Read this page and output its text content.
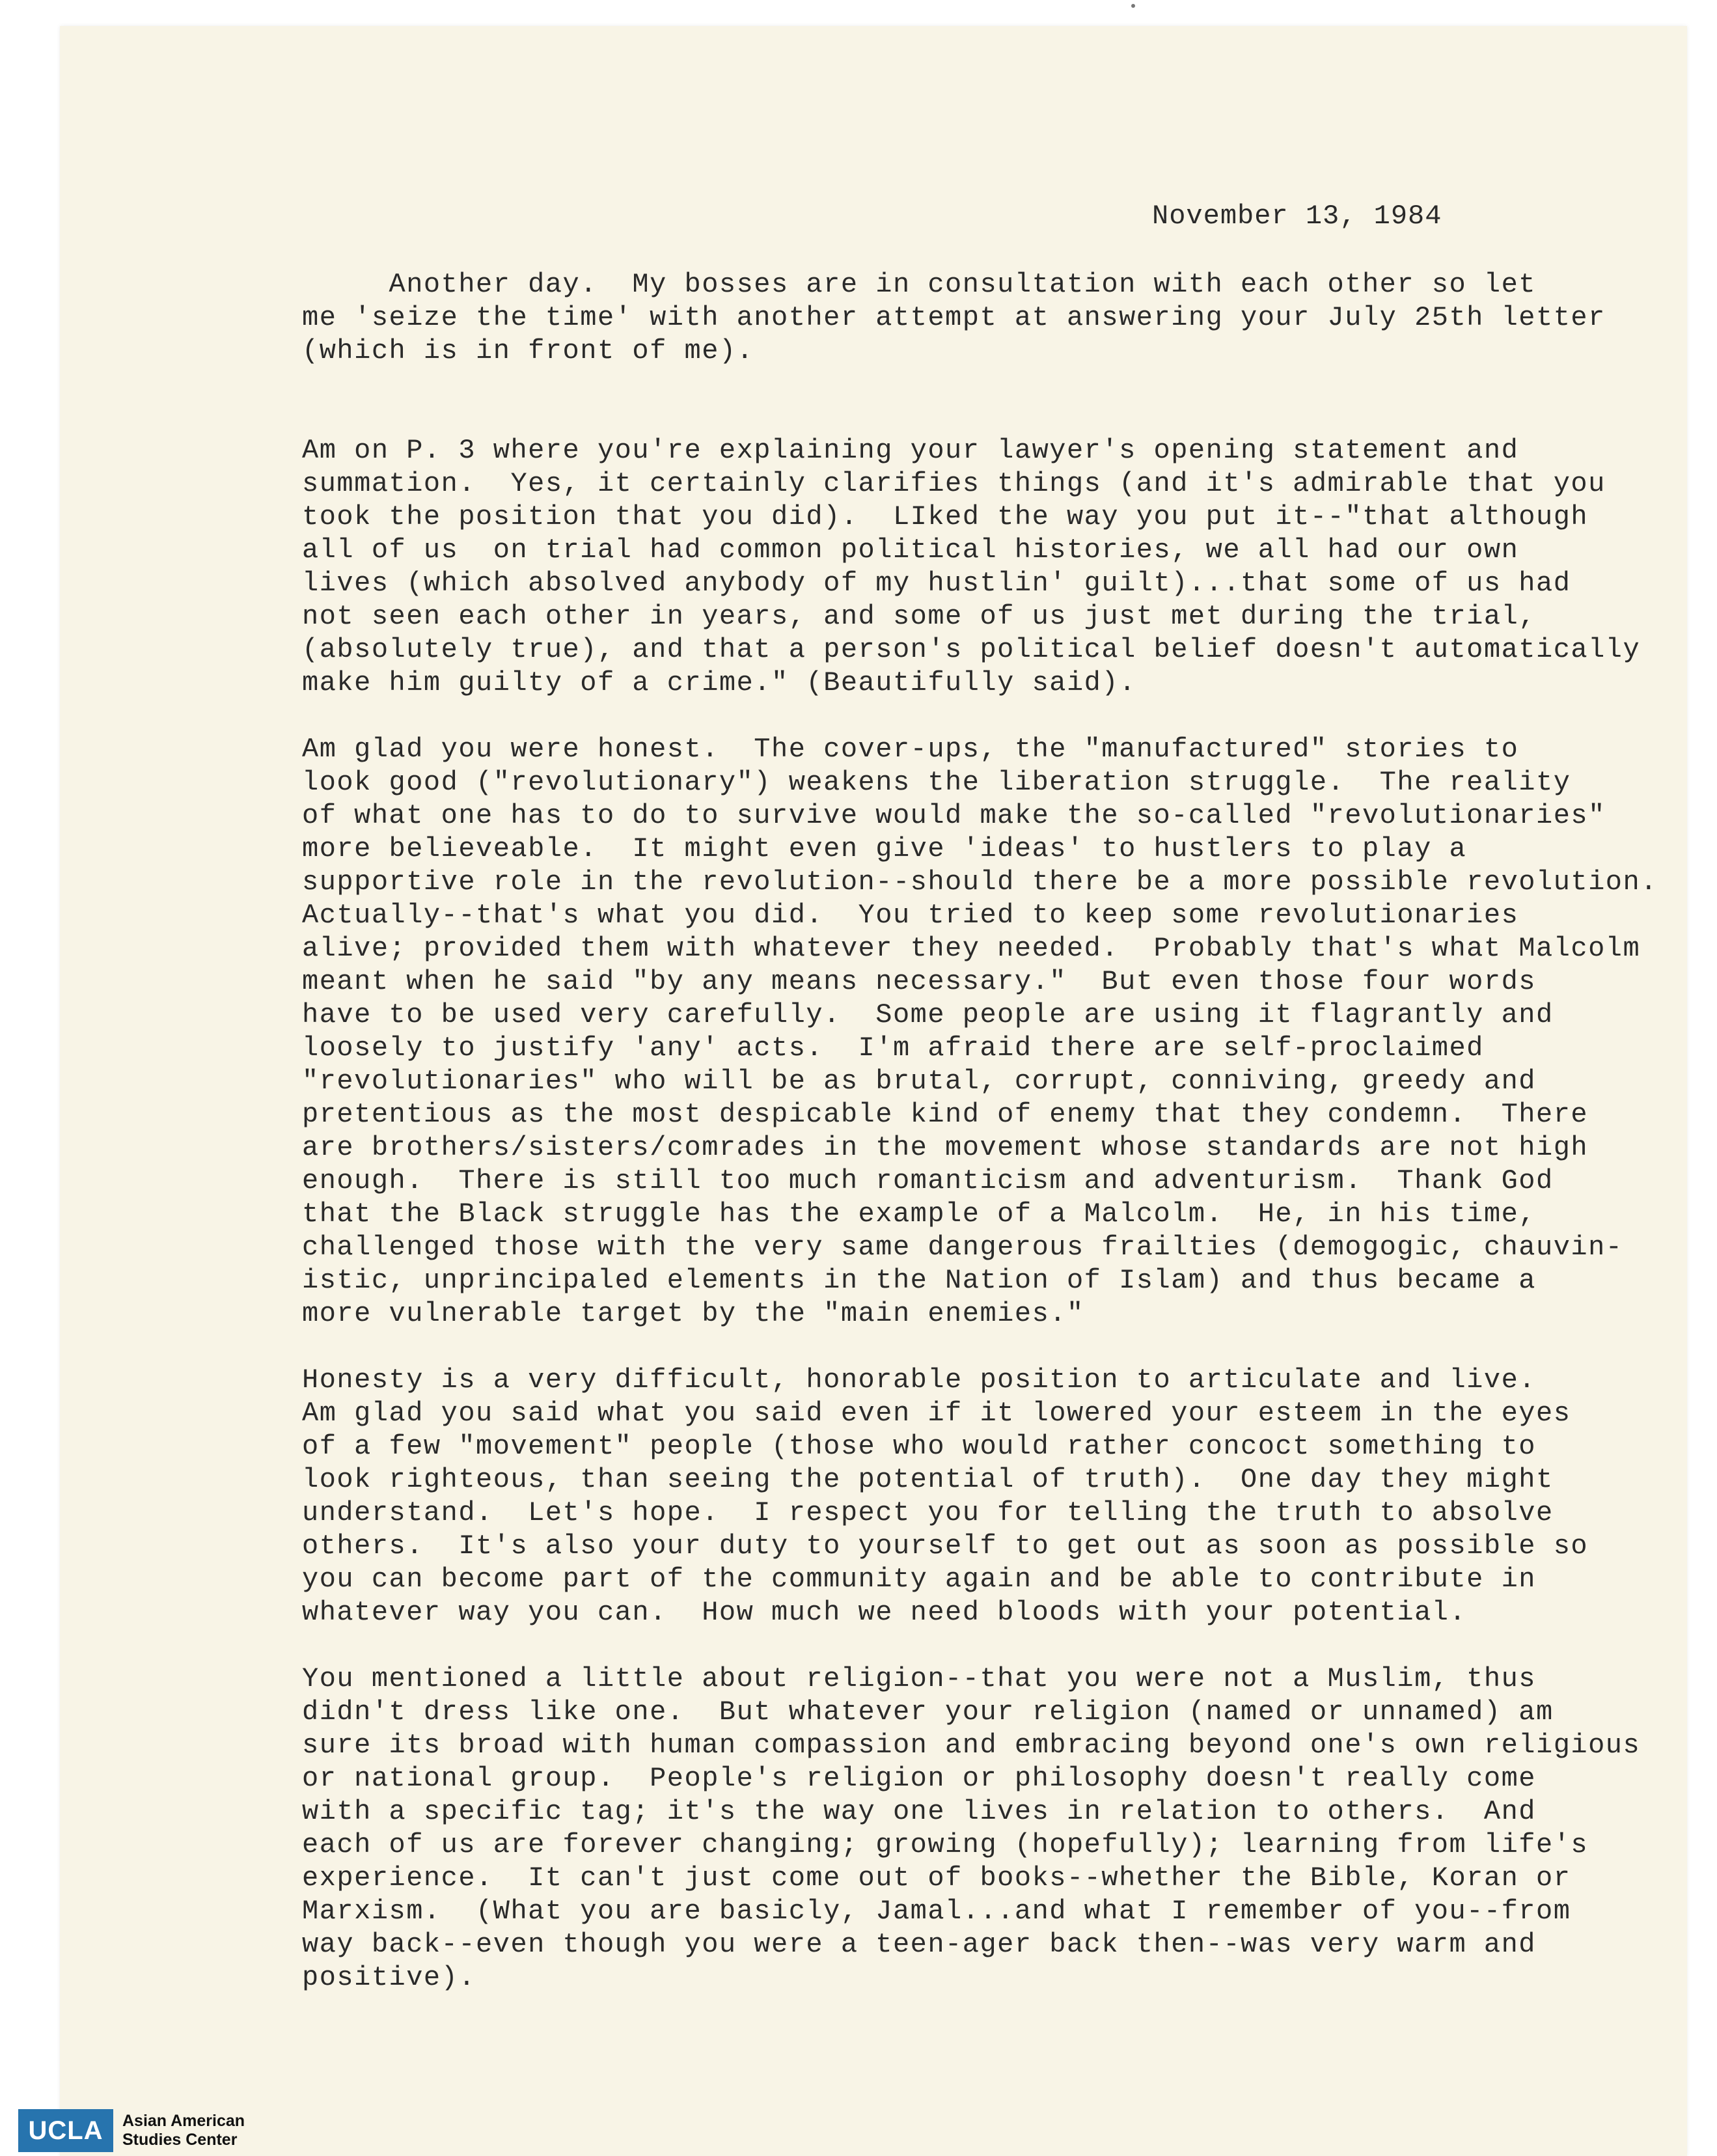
November 13, 1984
Another day.  My bosses are in consultation with each other so let
me 'seize the time' with another attempt at answering your July 25th letter
(which is in front of me).
Am on P. 3 where you're explaining your lawyer's opening statement and
summation.  Yes, it certainly clarifies things (and it's admirable that you
took the position that you did).  LIked the way you put it--"that although
all of us  on trial had common political histories, we all had our own
lives (which absolved anybody of my hustlin' guilt)...that some of us had
not seen each other in years, and some of us just met during the trial,
(absolutely true), and that a person's political belief doesn't automatically
make him guilty of a crime." (Beautifully said).
Am glad you were honest.  The cover-ups, the "manufactured" stories to
look good ("revolutionary") weakens the liberation struggle.  The reality
of what one has to do to survive would make the so-called "revolutionaries"
more believeable.  It might even give 'ideas' to hustlers to play a
supportive role in the revolution--should there be a more possible revolution.
Actually--that's what you did.  You tried to keep some revolutionaries
alive; provided them with whatever they needed.  Probably that's what Malcolm
meant when he said "by any means necessary."  But even those four words
have to be used very carefully.  Some people are using it flagrantly and
loosely to justify 'any' acts.  I'm afraid there are self-proclaimed
"revolutionaries" who will be as brutal, corrupt, conniving, greedy and
pretentious as the most despicable kind of enemy that they condemn.  There
are brothers/sisters/comrades in the movement whose standards are not high
enough.  There is still too much romanticism and adventurism.  Thank God
that the Black struggle has the example of a Malcolm.  He, in his time,
challenged those with the very same dangerous frailties (demogogic, chauvin-
istic, unprincipaled elements in the Nation of Islam) and thus became a
more vulnerable target by the "main enemies."
Honesty is a very difficult, honorable position to articulate and live.
Am glad you said what you said even if it lowered your esteem in the eyes
of a few "movement" people (those who would rather concoct something to
look righteous, than seeing the potential of truth).  One day they might
understand.  Let's hope.  I respect you for telling the truth to absolve
others.  It's also your duty to yourself to get out as soon as possible so
you can become part of the community again and be able to contribute in
whatever way you can.  How much we need bloods with your potential.
You mentioned a little about religion--that you were not a Muslim, thus
didn't dress like one.  But whatever your religion (named or unnamed) am
sure its broad with human compassion and embracing beyond one's own religious
or national group.  People's religion or philosophy doesn't really come
with a specific tag; it's the way one lives in relation to others.  And
each of us are forever changing; growing (hopefully); learning from life's
experience.  It can't just come out of books--whether the Bible, Koran or
Marxism.  (What you are basicly, Jamal...and what I remember of you--from
way back--even though you were a teen-ager back then--was very warm and
positive).
UCLA	Asian American
Studies Center
